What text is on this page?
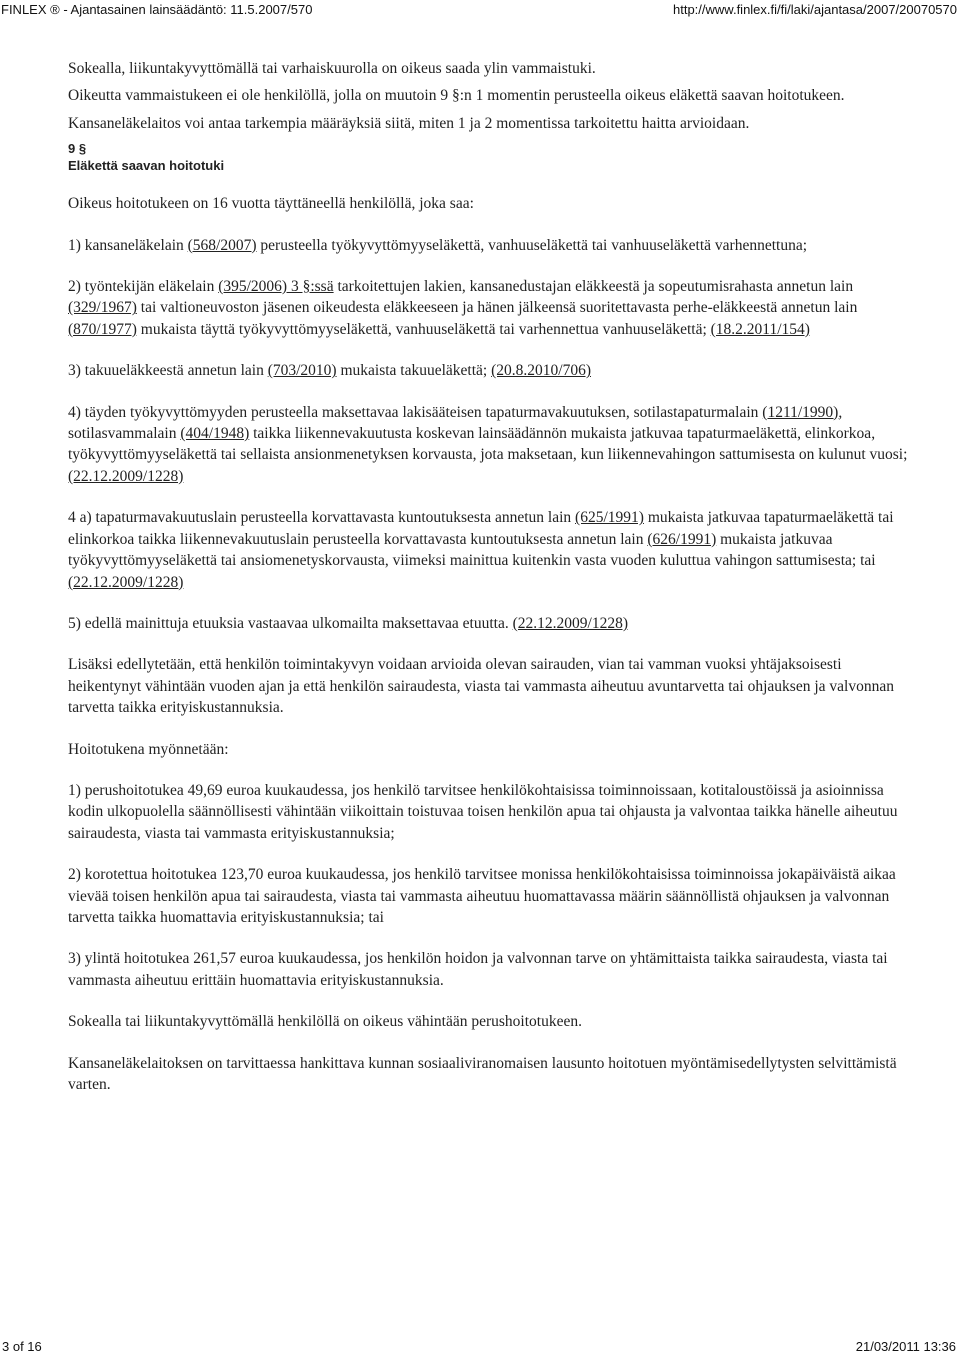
FINLEX ® - Ajantasainen lainsäädäntö: 11.5.2007/570	http://www.finlex.fi/fi/laki/ajantasa/2007/20070570

Sokealla, liikuntakyvyttömällä tai varhaiskuurolla on oikeus saada ylin vammaistuki.

Oikeutta vammaistukeen ei ole henkilöllä, jolla on muutoin 9 §:n 1 momentin perusteella oikeus eläkettä saavan hoitotukeen.

Kansaneläkelaitos voi antaa tarkempia määräyksiä siitä, miten 1 ja 2 momentissa tarkoitettu haitta arvioidaan.

9 §
Eläkettä saavan hoitotuki

Oikeus hoitotukeen on 16 vuotta täyttäneellä henkilöllä, joka saa:

1) kansaneläkelain (568/2007) perusteella työkyvyttömyyseläkettä, vanhuuseläkettä tai vanhuuseläkettä varhennettuna;

2) työntekijän eläkelain (395/2006) 3 §:ssä tarkoitettujen lakien, kansanedustajan eläkkeestä ja sopeutumisrahasta annetun lain (329/1967) tai valtioneuvoston jäsenen oikeudesta eläkkeeseen ja hänen jälkeensä suoritettavasta perhe-eläkkeestä annetun lain (870/1977) mukaista täyttä työkyvyttömyyseläkettä, vanhuuseläkettä tai varhennettua vanhuuseläkettä; (18.2.2011/154)

3) takuueläkkeestä annetun lain (703/2010) mukaista takuueläkettä; (20.8.2010/706)

4) täyden työkyvyttömyyden perusteella maksettavaa lakisääteisen tapaturmavakuutuksen, sotilastapaturmalain (1211/1990), sotilasvammalain (404/1948) taikka liikennevakuutusta koskevan lainsäädännön mukaista jatkuvaa tapaturmaeläkettä, elinkorkoa, työkyvyttömyyseläkettä tai sellaista ansionmenetyksen korvausta, jota maksetaan, kun liikennevahingon sattumisesta on kulunut vuosi; (22.12.2009/1228)

4 a) tapaturmavakuutuslain perusteella korvattavasta kuntoutuksesta annetun lain (625/1991) mukaista jatkuvaa tapaturmaeläkettä tai elinkorkoa taikka liikennevakuutuslain perusteella korvattavasta kuntoutuksesta annetun lain (626/1991) mukaista jatkuvaa työkyvyttömyyseläkettä tai ansiomenetyskorvausta, viimeksi mainittua kuitenkin vasta vuoden kuluttua vahingon sattumisesta; tai (22.12.2009/1228)

5) edellä mainittuja etuuksia vastaavaa ulkomailta maksettavaa etuutta. (22.12.2009/1228)

Lisäksi edellytetään, että henkilön toimintakyvyn voidaan arvioida olevan sairauden, vian tai vamman vuoksi yhtäjaksoisesti heikentynyt vähintään vuoden ajan ja että henkilön sairaudesta, viasta tai vammasta aiheutuu avuntarvetta tai ohjauksen ja valvonnan tarvetta taikka erityiskustannuksia.

Hoitotukena myönnetään:

1) perushoitotukea 49,69 euroa kuukaudessa, jos henkilö tarvitsee henkilökohtaisissa toiminnoissaan, kotitaloustöissä ja asioinnissa kodin ulkopuolella säännöllisesti vähintään viikoittain toistuvaa toisen henkilön apua tai ohjausta ja valvontaa taikka hänelle aiheutuu sairaudesta, viasta tai vammasta erityiskustannuksia;

2) korotettua hoitotukea 123,70 euroa kuukaudessa, jos henkilö tarvitsee monissa henkilökohtaisissa toiminnoissa jokapäiväistä aikaa vievää toisen henkilön apua tai sairaudesta, viasta tai vammasta aiheutuu huomattavassa määrin säännöllistä ohjauksen ja valvonnan tarvetta taikka huomattavia erityiskustannuksia; tai

3) ylintä hoitotukea 261,57 euroa kuukaudessa, jos henkilön hoidon ja valvonnan tarve on yhtämittaista taikka sairaudesta, viasta tai vammasta aiheutuu erittäin huomattavia erityiskustannuksia.

Sokealla tai liikuntakyvyttömällä henkilöllä on oikeus vähintään perushoitotukeen.

Kansaneläkelaitoksen on tarvittaessa hankittava kunnan sosiaaliviranomaisen lausunto hoitotuen myöntämisedellytysten selvittämistä varten.

3 of 16	21/03/2011 13:36
